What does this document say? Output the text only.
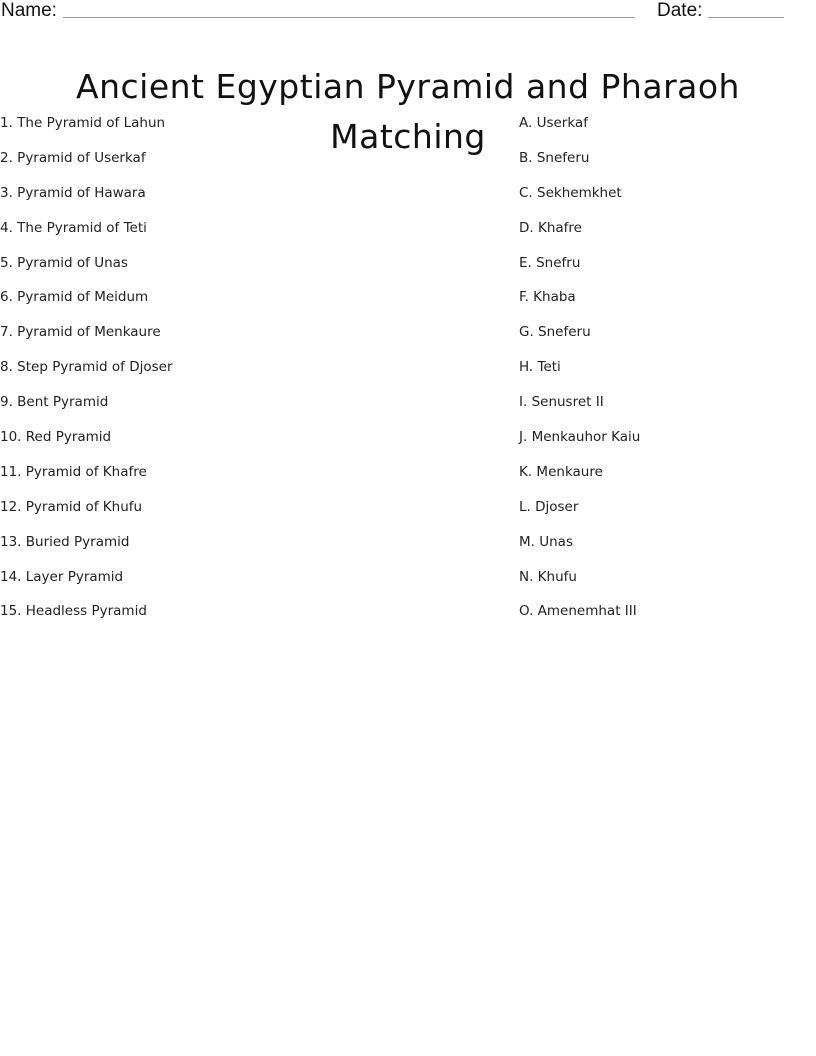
Name:	Date:
Ancient Egyptian Pyramid and Pharaoh Matching
1. The Pyramid of Lahun
2. Pyramid of Userkaf
3. Pyramid of Hawara
4. The Pyramid of Teti
5. Pyramid of Unas
6. Pyramid of Meidum
7. Pyramid of Menkaure
8. Step Pyramid of Djoser
9. Bent Pyramid
10. Red Pyramid
11. Pyramid of Khafre
12. Pyramid of Khufu
13. Buried Pyramid
14. Layer Pyramid
15. Headless Pyramid
A. Userkaf
B. Sneferu
C. Sekhemkhet
D. Khafre
E. Snefru
F. Khaba
G. Sneferu
H. Teti
I. Senusret II
J. Menkauhor Kaiu
K. Menkaure
L. Djoser
M. Unas
N. Khufu
O. Amenemhat III
